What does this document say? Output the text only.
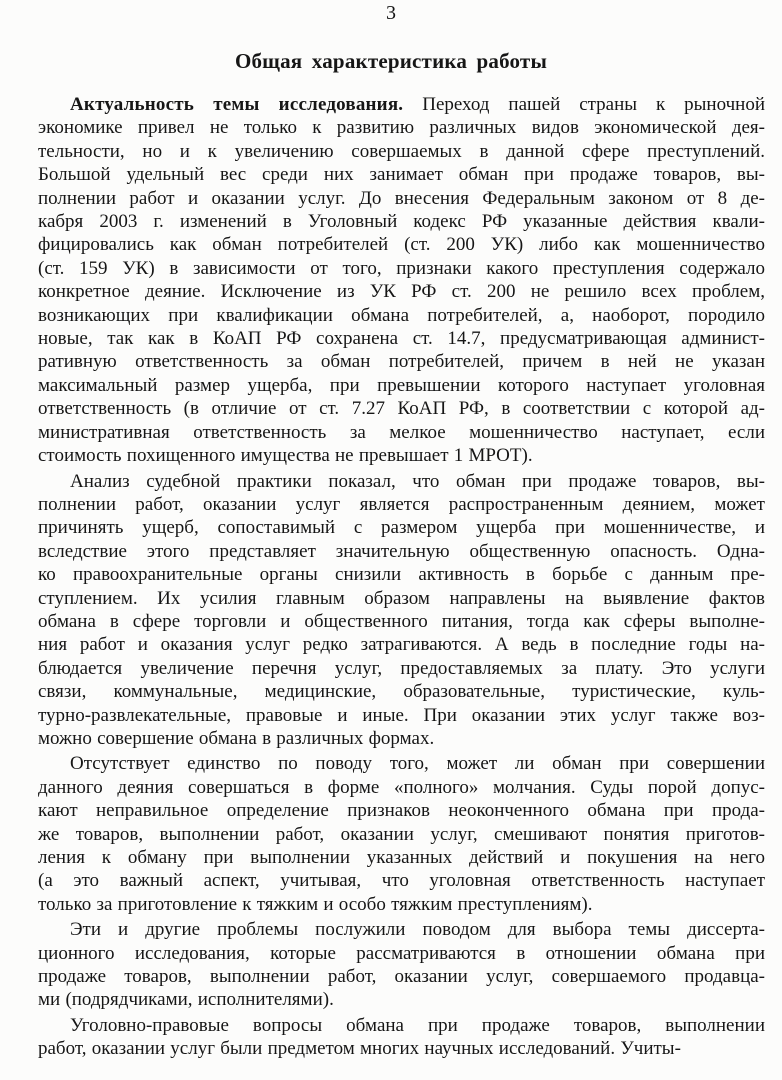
3
Общая характеристика работы
Актуальность темы исследования. Переход пашей страны к рыночной
экономике привел не только к развитию различных видов экономической дея-
тельности, но и к увеличению совершаемых в данной сфере преступлений.
Большой удельный вес среди них занимает обман при продаже товаров, вы-
полнении работ и оказании услуг. До внесения Федеральным законом от 8 де-
кабря 2003 г. изменений в Уголовный кодекс РФ указанные действия квали-
фицировались как обман потребителей (ст. 200 УК) либо как мошенничество
(ст. 159 УК) в зависимости от того, признаки какого преступления содержало
конкретное деяние. Исключение из УК РФ ст. 200 не решило всех проблем,
возникающих при квалификации обмана потребителей, а, наоборот, породило
новые, так как в КоАП РФ сохранена ст. 14.7, предусматривающая админист-
ративную ответственность за обман потребителей, причем в ней не указан
максимальный размер ущерба, при превышении которого наступает уголовная
ответственность (в отличие от ст. 7.27 КоАП РФ, в соответствии с которой ад-
министративная ответственность за мелкое мошенничество наступает, если
стоимость похищенного имущества не превышает 1 МРОТ).
Анализ судебной практики показал, что обман при продаже товаров, вы-
полнении работ, оказании услуг является распространенным деянием, может
причинять ущерб, сопоставимый с размером ущерба при мошенничестве, и
вследствие этого представляет значительную общественную опасность. Одна-
ко правоохранительные органы снизили активность в борьбе с данным пре-
ступлением. Их усилия главным образом направлены на выявление фактов
обмана в сфере торговли и общественного питания, тогда как сферы выполне-
ния работ и оказания услуг редко затрагиваются. А ведь в последние годы на-
блюдается увеличение перечня услуг, предоставляемых за плату. Это услуги
связи, коммунальные, медицинские, образовательные, туристические, куль-
турно-развлекательные, правовые и иные. При оказании этих услуг также воз-
можно совершение обмана в различных формах.
Отсутствует единство по поводу того, может ли обман при совершении
данного деяния совершаться в форме «полного» молчания. Суды порой допус-
кают неправильное определение признаков неоконченного обмана при прода-
же товаров, выполнении работ, оказании услуг, смешивают понятия приготов-
ления к обману при выполнении указанных действий и покушения на него
(а это важный аспект, учитывая, что уголовная ответственность наступает
только за приготовление к тяжким и особо тяжким преступлениям).
Эти и другие проблемы послужили поводом для выбора темы диссерта-
ционного исследования, которые рассматриваются в отношении обмана при
продаже товаров, выполнении работ, оказании услуг, совершаемого продавца-
ми (подрядчиками, исполнителями).
Уголовно-правовые вопросы обмана при продаже товаров, выполнении
работ, оказании услуг были предметом многих научных исследований. Учиты-
